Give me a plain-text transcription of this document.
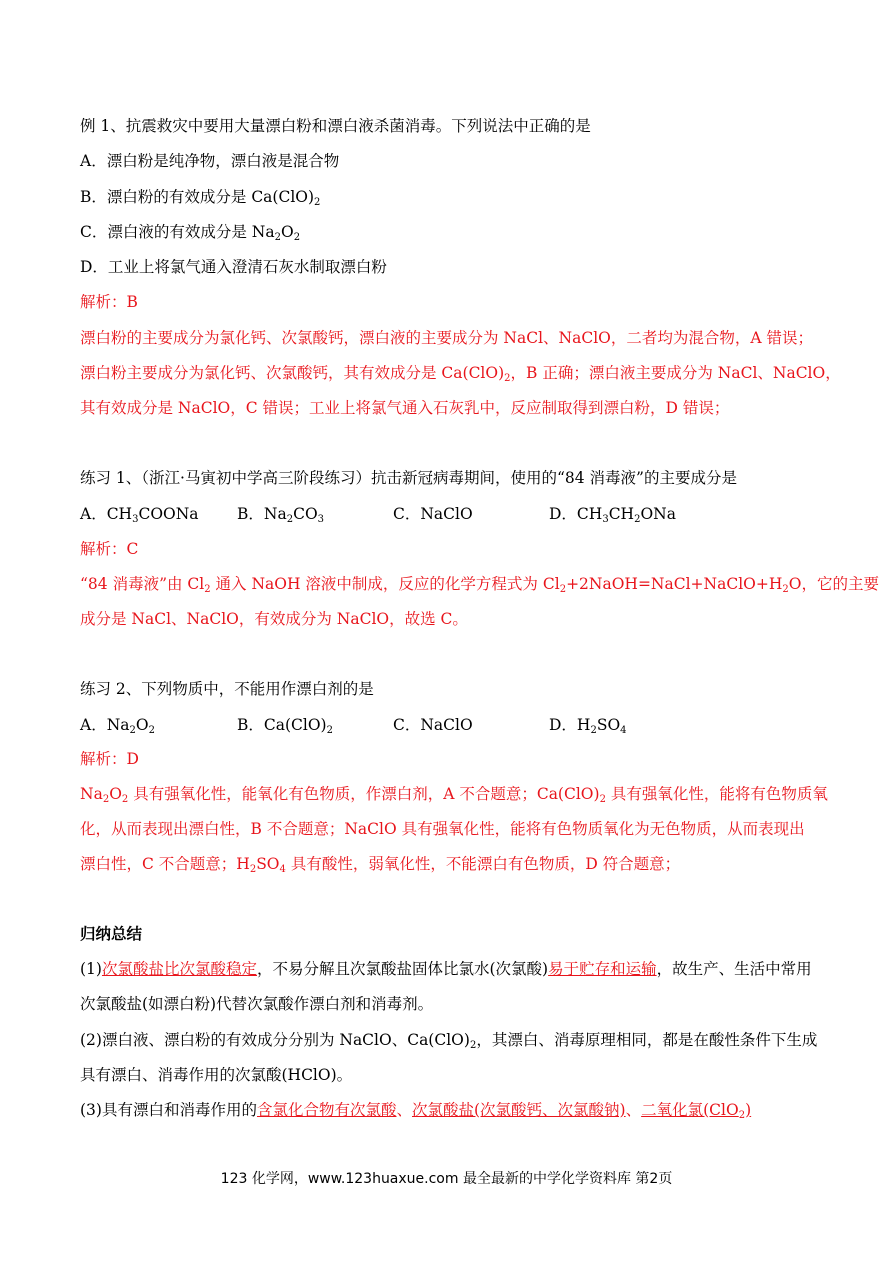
例 1、抗震救灾中要用大量漂白粉和漂白液杀菌消毒。下列说法中正确的是
A．漂白粉是纯净物，漂白液是混合物
B．漂白粉的有效成分是 $Ca(ClO)_2$
C．漂白液的有效成分是 $Na_2O_2$
D．工业上将氯气通入澄清石灰水制取漂白粉
解析：B
漂白粉的主要成分为氯化钙、次氯酸钙，漂白液的主要成分为 NaCl、NaClO，二者均为混合物，A 错误；
漂白粉主要成分为氯化钙、次氯酸钙，其有效成分是 $Ca(ClO)_2$，B 正确；漂白液主要成分为 NaCl、NaClO，
其有效成分是 NaClO，C 错误；工业上将氯气通入石灰乳中，反应制取得到漂白粉，D 错误；
练习 1、（浙江·马寅初中学高三阶段练习）抗击新冠病毒期间，使用的“84 消毒液”的主要成分是
A．$CH_3COONa$ B．$Na_2CO_3$	C．NaClO	D．$CH_3CH_2ONa$
解析：C
“84 消毒液”由 $Cl_2$ 通入 NaOH 溶液中制成，反应的化学方程式为 $Cl_2+2NaOH=NaCl+NaClO+H_2O$，它的主要
成分是 NaCl、NaClO，有效成分为 NaClO，故选 C。
练习 2、下列物质中，不能用作漂白剂的是
A．$Na_2O_2$	B．$Ca(ClO)_2$	C．NaClO	D．$H_2SO_4$
解析：D
$Na_2O_2$ 具有强氧化性，能氧化有色物质，作漂白剂，A 不合题意；$Ca(ClO)_2$ 具有强氧化性，能将有色物质氧
化，从而表现出漂白性，B 不合题意；NaClO 具有强氧化性，能将有色物质氧化为无色物质，从而表现出
漂白性，C 不合题意；$H_2SO_4$ 具有酸性，弱氧化性，不能漂白有色物质，D 符合题意；
归纳总结
(1)次氯酸盐比次氯酸稳定，不易分解且次氯酸盐固体比氯水(次氯酸)易于贮存和运输，故生产、生活中常用
次氯酸盐(如漂白粉)代替次氯酸作漂白剂和消毒剂。
(2)漂白液、漂白粉的有效成分分别为 NaClO、$Ca(ClO)_2$，其漂白、消毒原理相同，都是在酸性条件下生成
具有漂白、消毒作用的次氯酸(HClO)。
(3)具有漂白和消毒作用的含氯化合物有次氯酸、次氯酸盐(次氯酸钙、次氯酸钠)、二氧化氯(ClO$_2$)
123 化学网，www.123huaxue.com 最全最新的中学化学资料库 第2页
